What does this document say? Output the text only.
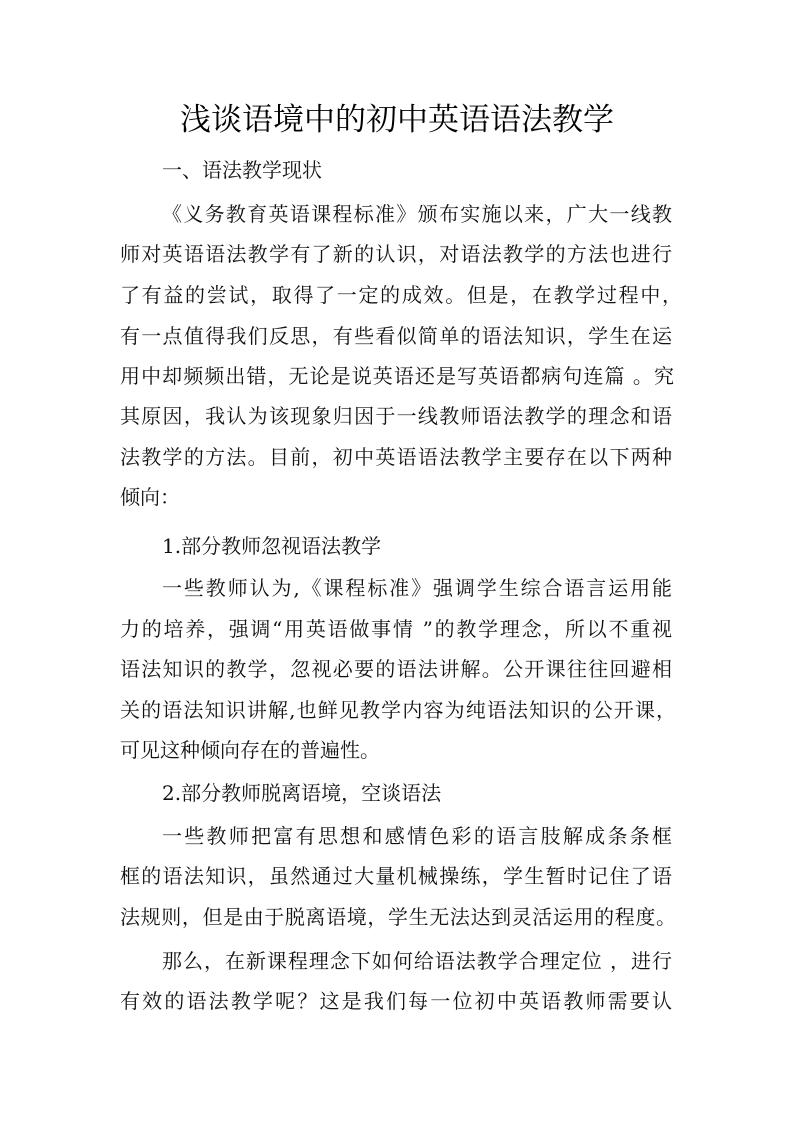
浅谈语境中的初中英语语法教学
一、语法教学现状
《义务教育英语课程标准》颁布实施以来，广大一线教
师对英语语法教学有了新的认识，对语法教学的方法也进行
了有益的尝试，取得了一定的成效。但是，在教学过程中，
有一点值得我们反思，有些看似简单的语法知识，学生在运
用中却频频出错，无论是说英语还是写英语都病句连篇 。究
其原因，我认为该现象归因于一线教师语法教学的理念和语
法教学的方法。目前，初中英语语法教学主要存在以下两种
倾向：
1.部分教师忽视语法教学
一些教师认为,《课程标准》强调学生综合语言运用能
力的培养，强调“用英语做事情 ”的教学理念，所以不重视
语法知识的教学，忽视必要的语法讲解。公开课往往回避相
关的语法知识讲解,也鲜见教学内容为纯语法知识的公开课，
可见这种倾向存在的普遍性。
2.部分教师脱离语境，空谈语法
一些教师把富有思想和感情色彩的语言肢解成条条框
框的语法知识，虽然通过大量机械操练，学生暂时记住了语
法规则，但是由于脱离语境，学生无法达到灵活运用的程度。
那么，在新课程理念下如何给语法教学合理定位 ，进行
有效的语法教学呢？这是我们每一位初中英语教师需要认
